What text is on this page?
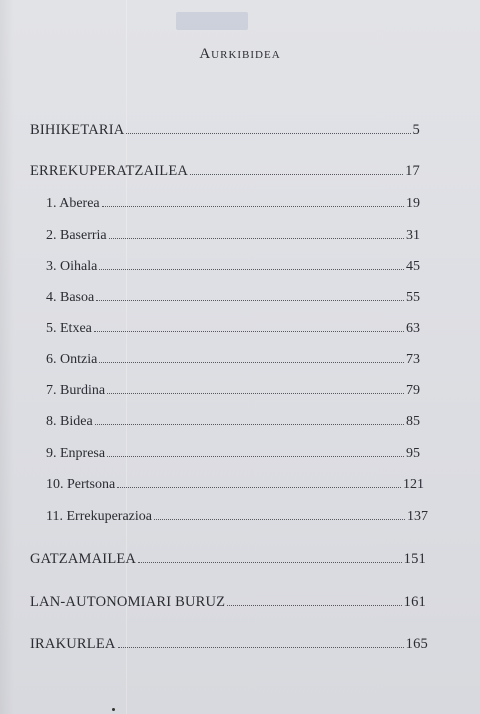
Aurkibidea
BIHIKETARIA	5
ERREKUPERATZAILEA	17
1. Aberea	19
2. Baserria	31
3. Oihala	45
4. Basoa	55
5. Etxea	63
6. Ontzia	73
7. Burdina	79
8. Bidea	85
9. Enpresa	95
10. Pertsona	121
11. Errekuperazioa	137
GATZAMAILEA	151
LAN-AUTONOMIARI BURUZ	161
IRAKURLEA	165
